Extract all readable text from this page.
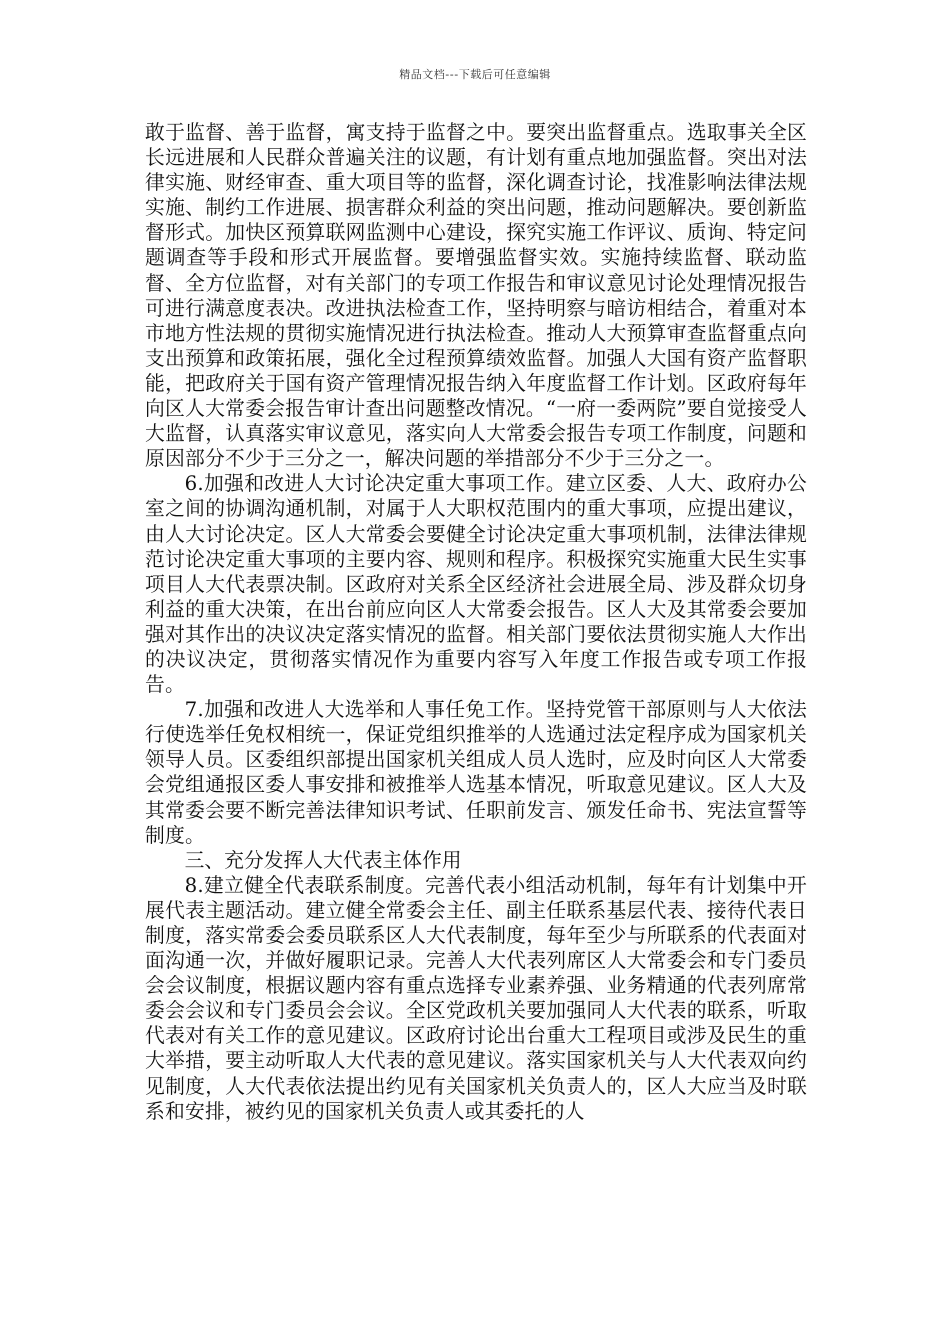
精品文档---下载后可任意编辑

敢于监督、善于监督，寓支持于监督之中。要突出监督重点。选取事关全区长远进展和人民群众普遍关注的议题，有计划有重点地加强监督。突出对法律实施、财经审查、重大项目等的监督，深化调查讨论，找准影响法律法规实施、制约工作进展、损害群众利益的突出问题，推动问题解决。要创新监督形式。加快区预算联网监测中心建设，探究实施工作评议、质询、特定问题调查等手段和形式开展监督。要增强监督实效。实施持续监督、联动监督、全方位监督，对有关部门的专项工作报告和审议意见讨论处理情况报告可进行满意度表决。改进执法检查工作，坚持明察与暗访相结合，着重对本市地方性法规的贯彻实施情况进行执法检查。推动人大预算审查监督重点向支出预算和政策拓展，强化全过程预算绩效监督。加强人大国有资产监督职能，把政府关于国有资产管理情况报告纳入年度监督工作计划。区政府每年向区人大常委会报告审计查出问题整改情况。“一府一委两院”要自觉接受人大监督，认真落实审议意见，落实向人大常委会报告专项工作制度，问题和原因部分不少于三分之一，解决问题的举措部分不少于三分之一。

6.加强和改进人大讨论决定重大事项工作。建立区委、人大、政府办公室之间的协调沟通机制，对属于人大职权范围内的重大事项，应提出建议，由人大讨论决定。区人大常委会要健全讨论决定重大事项机制，法律法律规范讨论决定重大事项的主要内容、规则和程序。积极探究实施重大民生实事项目人大代表票决制。区政府对关系全区经济社会进展全局、涉及群众切身利益的重大决策，在出台前应向区人大常委会报告。区人大及其常委会要加强对其作出的决议决定落实情况的监督。相关部门要依法贯彻实施人大作出的决议决定，贯彻落实情况作为重要内容写入年度工作报告或专项工作报告。

7.加强和改进人大选举和人事任免工作。坚持党管干部原则与人大依法行使选举任免权相统一，保证党组织推举的人选通过法定程序成为国家机关领导人员。区委组织部提出国家机关组成人员人选时，应及时向区人大常委会党组通报区委人事安排和被推举人选基本情况，听取意见建议。区人大及其常委会要不断完善法律知识考试、任职前发言、颁发任命书、宪法宣誓等制度。

三、充分发挥人大代表主体作用

8.建立健全代表联系制度。完善代表小组活动机制，每年有计划集中开展代表主题活动。建立健全常委会主任、副主任联系基层代表、接待代表日制度，落实常委会委员联系区人大代表制度，每年至少与所联系的代表面对面沟通一次，并做好履职记录。完善人大代表列席区人大常委会和专门委员会会议制度，根据议题内容有重点选择专业素养强、业务精通的代表列席常委会会议和专门委员会会议。全区党政机关要加强同人大代表的联系，听取代表对有关工作的意见建议。区政府讨论出台重大工程项目或涉及民生的重大举措，要主动听取人大代表的意见建议。落实国家机关与人大代表双向约见制度，人大代表依法提出约见有关国家机关负责人的，区人大应当及时联系和安排，被约见的国家机关负责人或其委托的人
